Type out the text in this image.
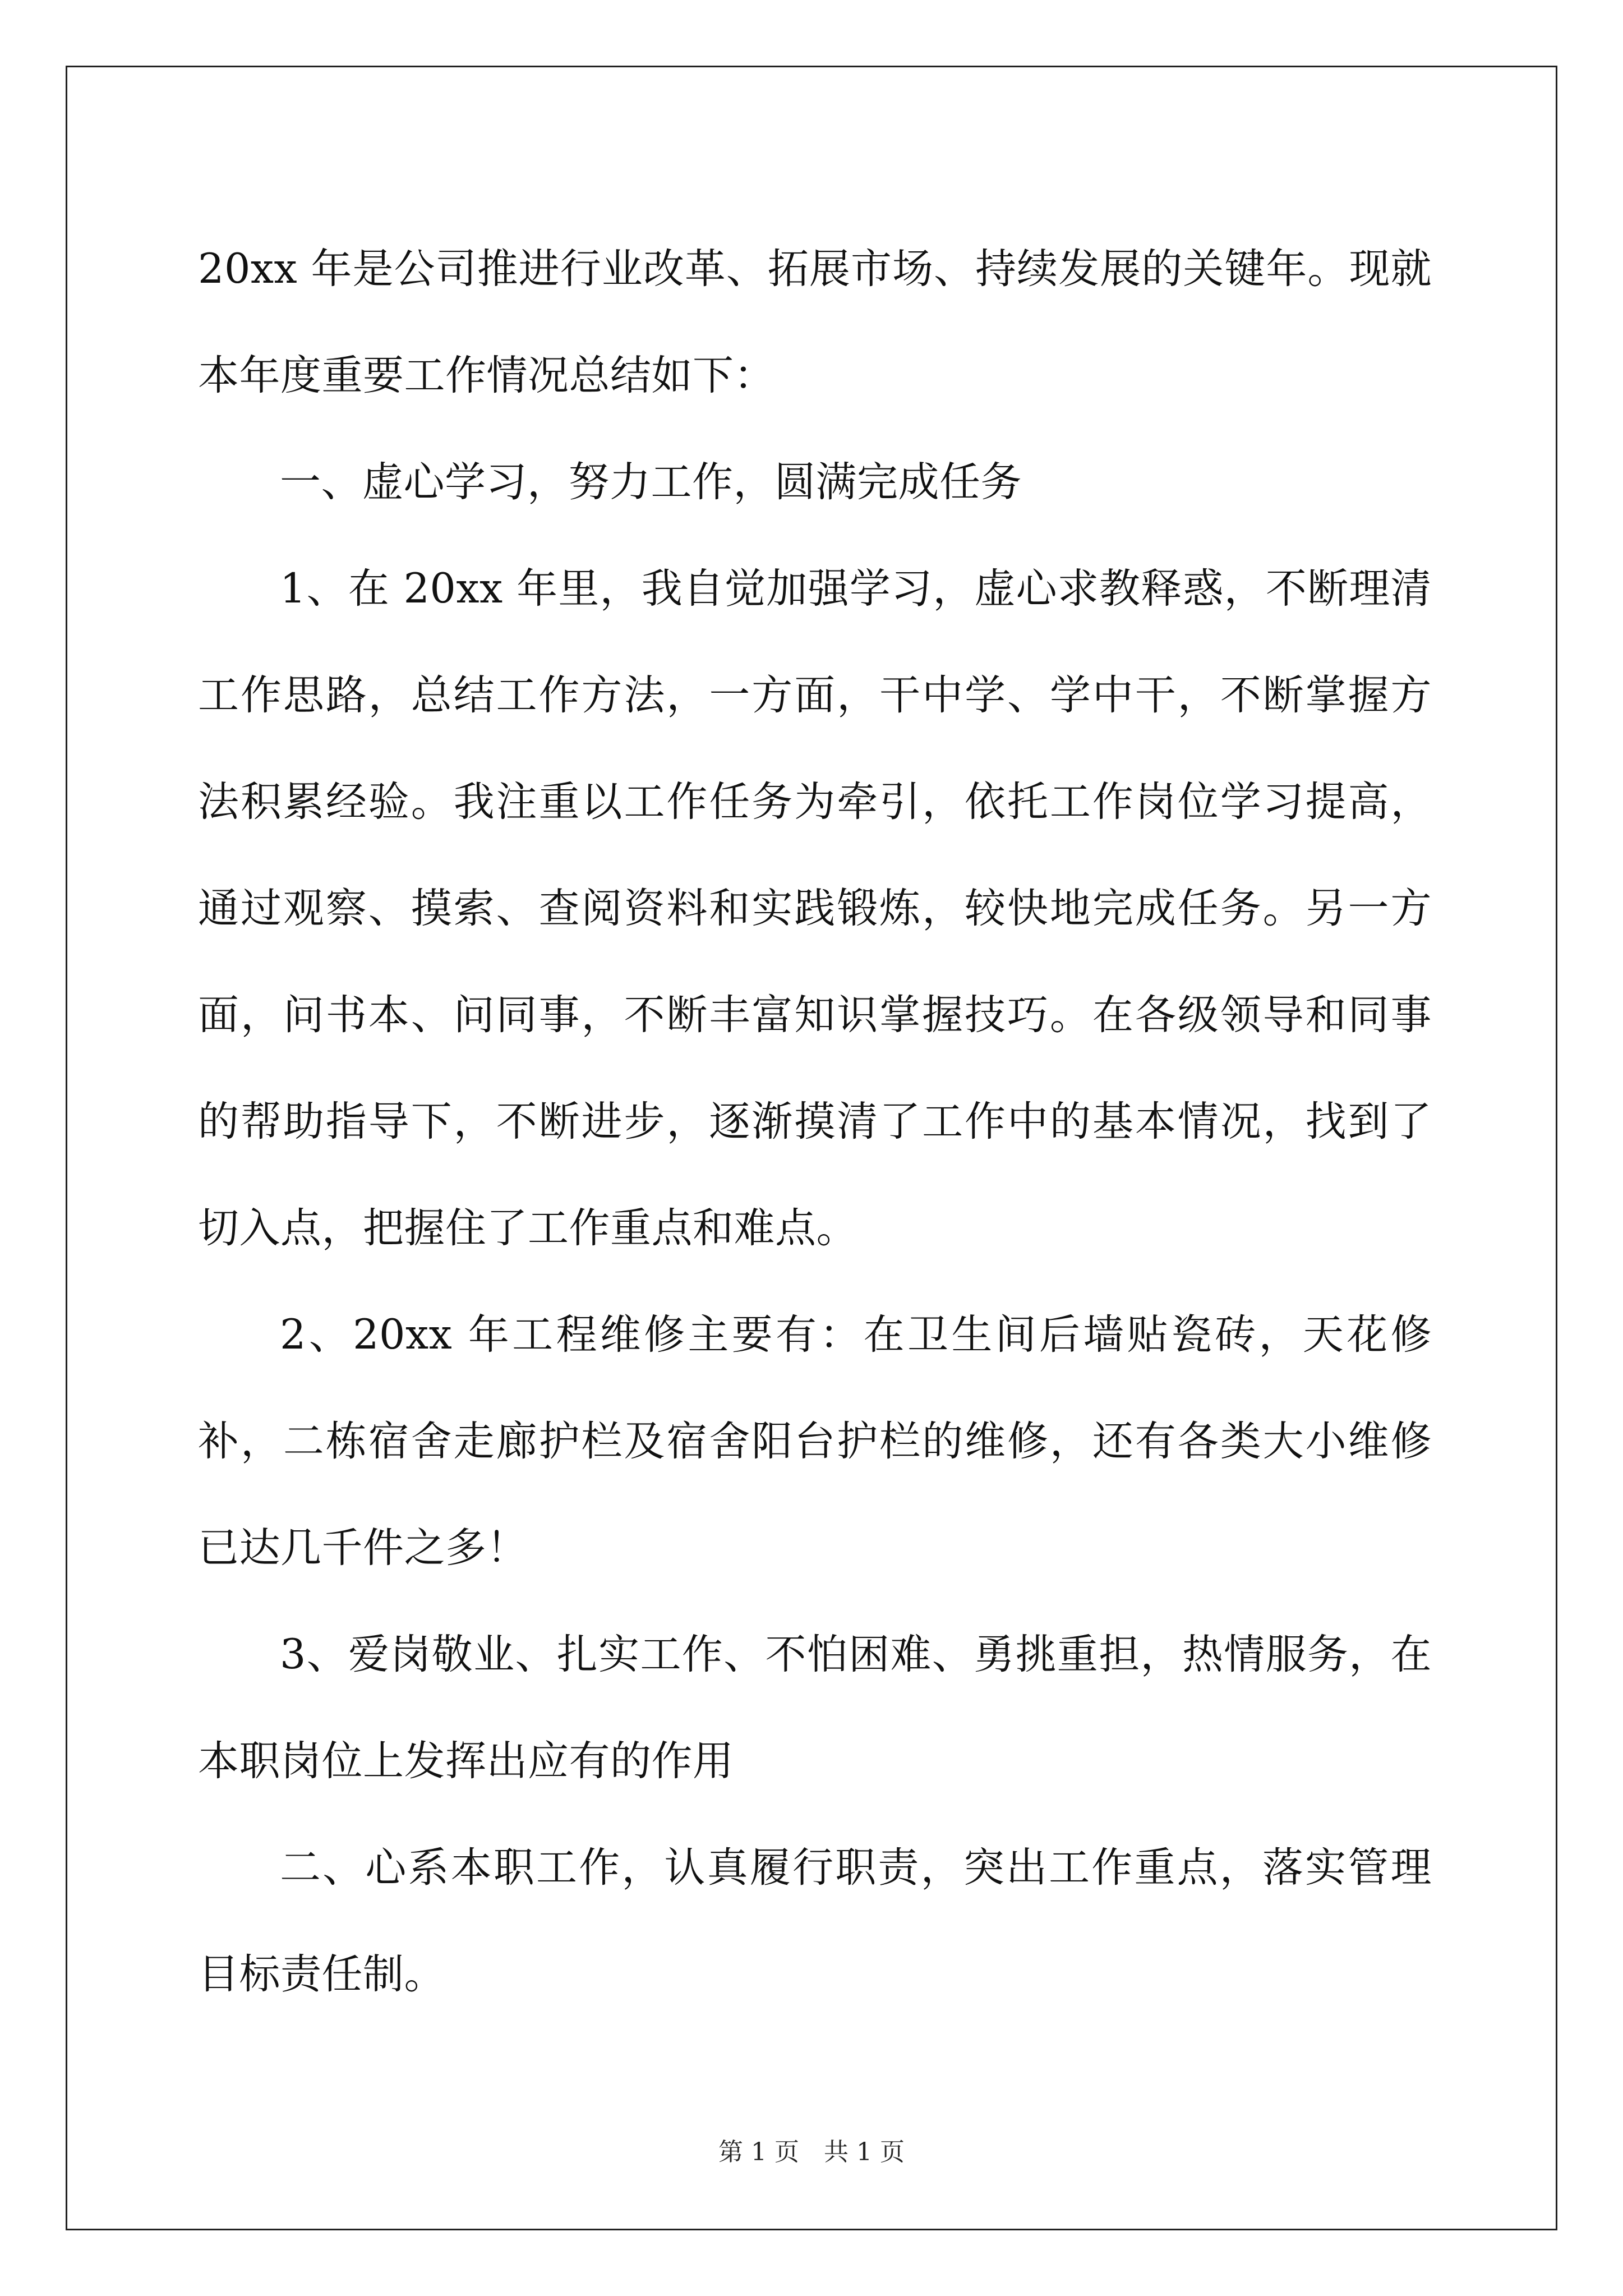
20xx 年是公司推进行业改革、拓展市场、持续发展的关键年。现就本年度重要工作情况总结如下：

一、虚心学习，努力工作，圆满完成任务

1、在 20xx 年里，我自觉加强学习，虚心求教释惑，不断理清工作思路，总结工作方法，一方面，干中学、学中干，不断掌握方法积累经验。我注重以工作任务为牵引，依托工作岗位学习提高，通过观察、摸索、查阅资料和实践锻炼，较快地完成任务。另一方面，问书本、问同事，不断丰富知识掌握技巧。在各级领导和同事的帮助指导下，不断进步，逐渐摸清了工作中的基本情况，找到了切入点，把握住了工作重点和难点。

2、20xx 年工程维修主要有：在卫生间后墙贴瓷砖，天花修补，二栋宿舍走廊护栏及宿舍阳台护栏的维修，还有各类大小维修已达几千件之多！

3、爱岗敬业、扎实工作、不怕困难、勇挑重担，热情服务，在本职岗位上发挥出应有的作用

二、心系本职工作，认真履行职责，突出工作重点，落实管理目标责任制。

第 1 页 共 1 页
